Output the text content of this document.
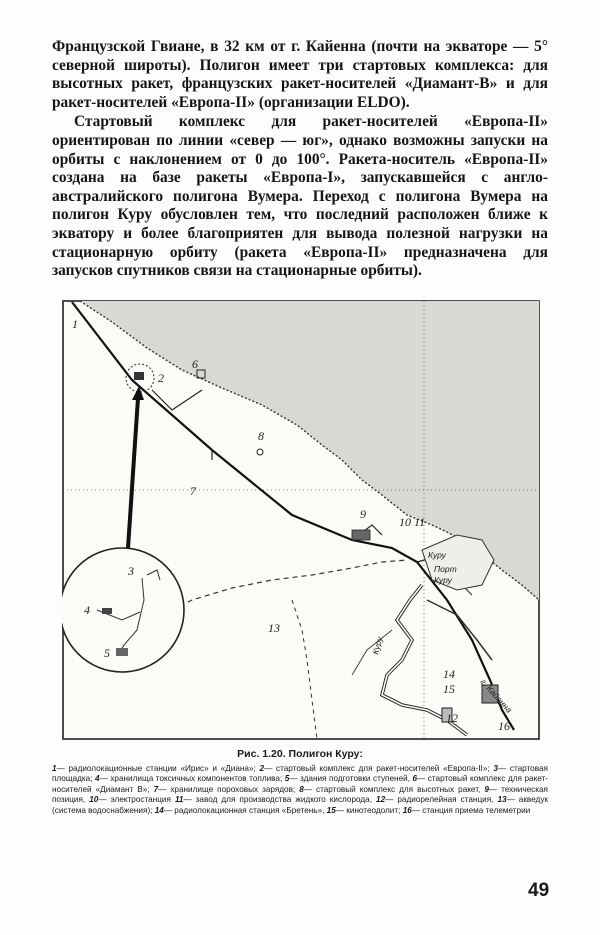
Французской Гвиане, в 32 км от г. Кайенна (почти на экваторе — 5° северной широты). Полигон имеет три стартовых комплекса: для высотных ракет, французских ракет-носителей «Диамант-В» и для ракет-носителей «Европа-II» (организации ELDO).

Стартовый комплекс для ракет-носителей «Европа-II» ориентирован по линии «север — юг», однако возможны запуски на орбиты с наклонением от 0 до 100°. Ракета-носитель «Европа-II» создана на базе ракеты «Европа-I», запускавшейся с англо-австралийского полигона Вумера. Переход с полигона Вумера на полигон Куру обусловлен тем, что последний расположен ближе к экватору и более благоприятен для вывода полезной нагрузки на стационарную орбиту (ракета «Европа-II» предназначена для запусков спутников связи на стационарные орбиты).

1
2
6
7
8
9
10 11
13
14
15
12
16
3
4
5
Куру
Порт
Куру
Куру
г. Кайенна
Рис. 1.20. Полигон Куру:
1— радиолокационные станции «Ирис» и «Диана»; 2— стартовый комплекс для ракет-носителей «Европа-II»; 3— стартовая площадка; 4— хранилища токсичных компонентов топлива; 5— здания подготовки ступеней, 6— стартовый комплекс для ракет-носителей «Диамант В»; 7— хранилище пороховых зарядов; 8— стартовый комплекс для высотных ракет, 9— техническая позиция, 10— электростанция 11— завод для производства жидкого кислорода, 12— радиорелейная станция, 13— акведук (система водоснабжения); 14— радиолокационная станция «Бретень», 15— кинотеодолит; 16— станция приема телеметрии
49
